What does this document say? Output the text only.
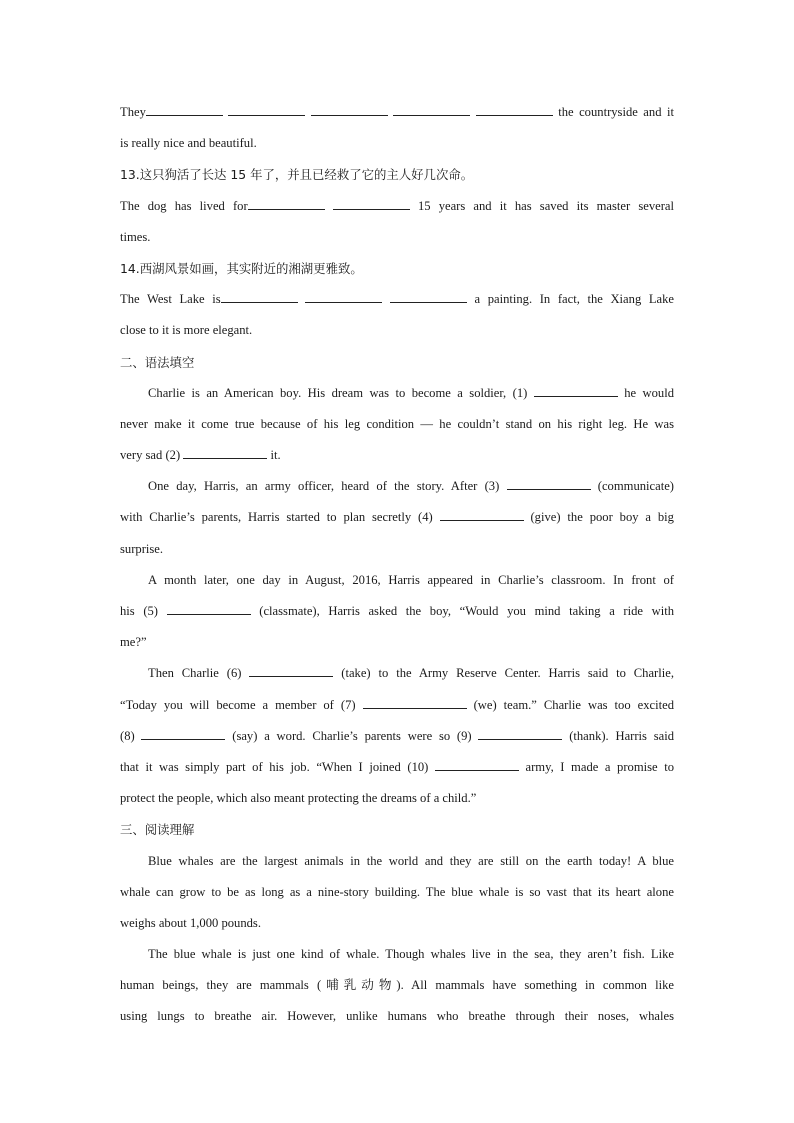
They	the countryside and it
is really nice and beautiful.
13.这只狗活了长达 15 年了，并且已经救了它的主人好几次命。
The dog has lived for	15 years and it has saved its master several
times.
14.西湖风景如画，其实附近的湘湖更雅致。
The West Lake is	a painting. In fact, the Xiang Lake
close to it is more elegant.
二、语法填空
Charlie is an American boy. His dream was to become a soldier, (1)	he would
never make it come true because of his leg condition — he couldn’t stand on his right leg. He was
very sad (2)	it.
One day, Harris, an army officer, heard of the story. After (3)	(communicate)
with Charlie’s parents, Harris started to plan secretly (4)	(give) the poor boy a big
surprise.
A month later, one day in August, 2016, Harris appeared in Charlie’s classroom. In front of
his (5)	(classmate), Harris asked the boy, “Would you mind taking a ride with
me?”
Then Charlie (6)	(take) to the Army Reserve Center. Harris said to Charlie,
“Today you will become a member of (7)	(we) team.” Charlie was too excited
(8)	(say) a word. Charlie’s parents were so (9)	(thank). Harris said
that it was simply part of his job. “When I joined (10)	army, I made a promise to
protect the people, which also meant protecting the dreams of a child.”
三、阅读理解
Blue whales are the largest animals in the world and they are still on the earth today! A blue
whale can grow to be as long as a nine-story building. The blue whale is so vast that its heart alone
weighs about 1,000 pounds.
The blue whale is just one kind of whale. Though whales live in the sea, they aren’t fish. Like
human beings, they are mammals (哺乳动物). All mammals have something in common like
using lungs to breathe air. However, unlike humans who breathe through their noses, whales
